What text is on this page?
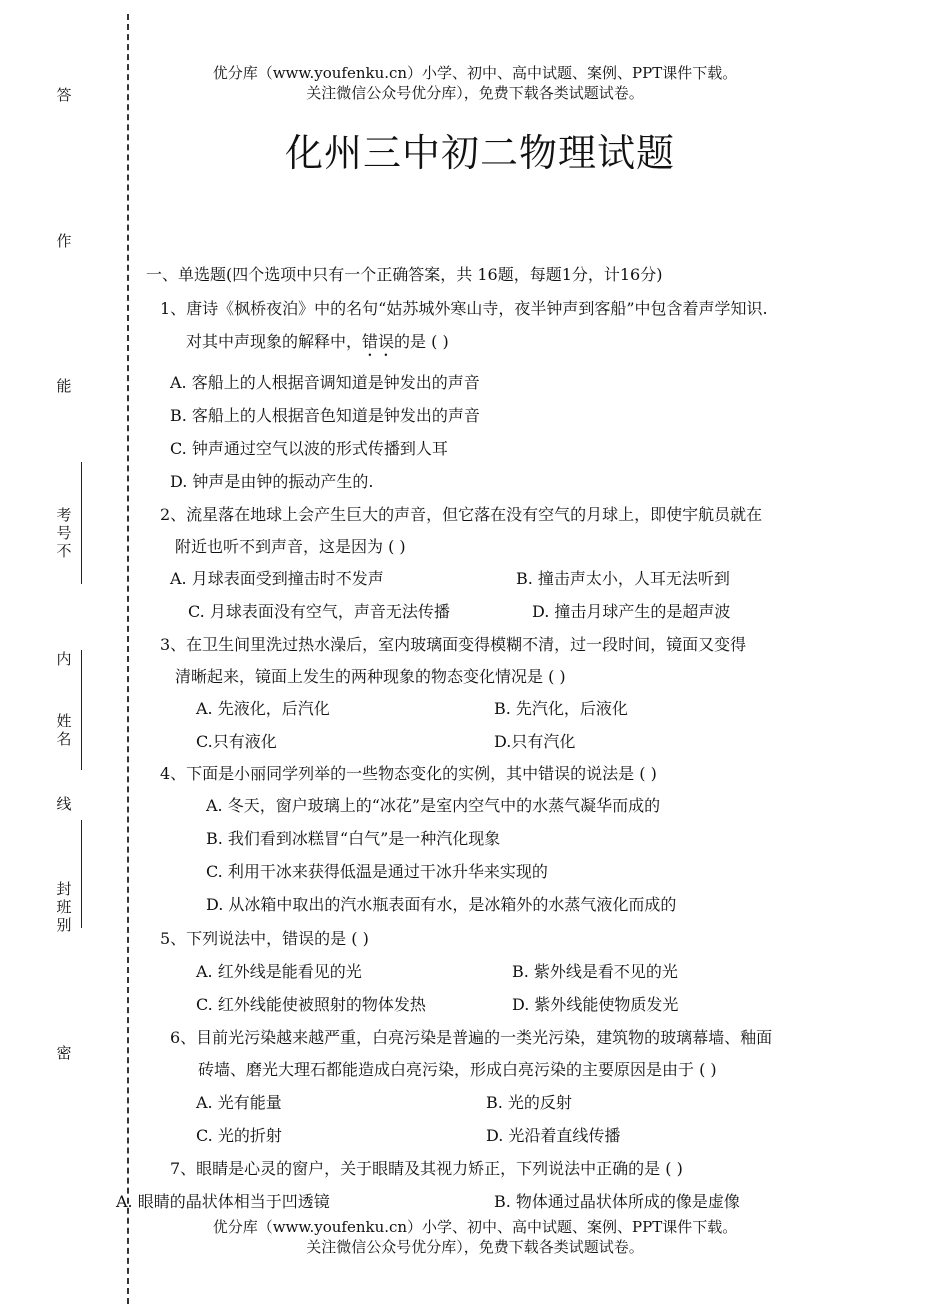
答
作
能
考号不
内
姓名
线
封班别
密
优分库（www.youfenku.cn）小学、初中、高中试题、案例、PPT课件下载。
关注微信公众号优分库），免费下载各类试题试卷。
化州三中初二物理试题
一、单选题(四个选项中只有一个正确答案，共 16题，每题1分，计16分)
1、唐诗《枫桥夜泊》中的名句“姑苏城外寒山寺，夜半钟声到客船”中包含着声学知识.
对其中声现象的解释中，错误的是 ( )
A. 客船上的人根据音调知道是钟发出的声音
B. 客船上的人根据音色知道是钟发出的声音
C. 钟声通过空气以波的形式传播到人耳
D. 钟声是由钟的振动产生的.
2、流星落在地球上会产生巨大的声音，但它落在没有空气的月球上，即使宇航员就在
附近也听不到声音，这是因为 ( )
A. 月球表面受到撞击时不发声	B. 撞击声太小，人耳无法听到
C. 月球表面没有空气，声音无法传播	D. 撞击月球产生的是超声波
3、在卫生间里洗过热水澡后，室内玻璃面变得模糊不清，过一段时间，镜面又变得
清晰起来，镜面上发生的两种现象的物态变化情况是 ( )
A. 先液化，后汽化	B. 先汽化，后液化
C.只有液化	D.只有汽化
4、下面是小丽同学列举的一些物态变化的实例，其中错误的说法是 ( )
A. 冬天，窗户玻璃上的“冰花”是室内空气中的水蒸气凝华而成的
B. 我们看到冰糕冒“白气”是一种汽化现象
C. 利用干冰来获得低温是通过干冰升华来实现的
D. 从冰箱中取出的汽水瓶表面有水，是冰箱外的水蒸气液化而成的
5、下列说法中，错误的是 ( )
A. 红外线是能看见的光	B. 紫外线是看不见的光
C. 红外线能使被照射的物体发热	D. 紫外线能使物质发光
6、目前光污染越来越严重，白亮污染是普遍的一类光污染，建筑物的玻璃幕墙、釉面
砖墙、磨光大理石都能造成白亮污染，形成白亮污染的主要原因是由于 ( )
A. 光有能量	B. 光的反射
C. 光的折射	D. 光沿着直线传播
7、眼睛是心灵的窗户，关于眼睛及其视力矫正，下列说法中正确的是 ( )
A. 眼睛的晶状体相当于凹透镜	B. 物体通过晶状体所成的像是虚像
优分库（www.youfenku.cn）小学、初中、高中试题、案例、PPT课件下载。
关注微信公众号优分库），免费下载各类试题试卷。
